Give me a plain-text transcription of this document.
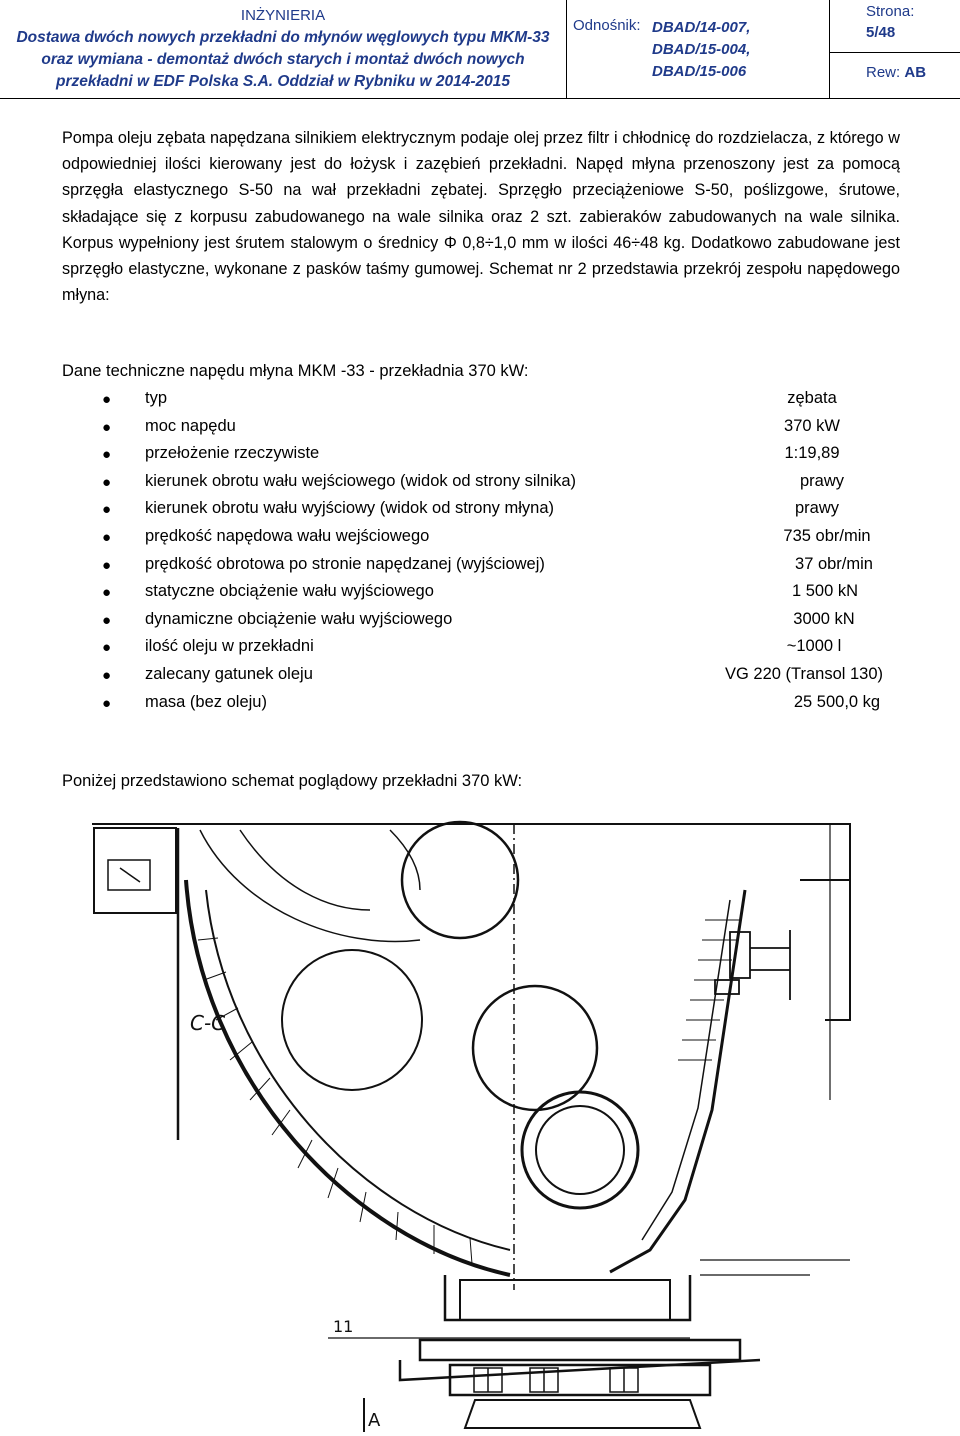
INŻYNIERIA
Dostawa dwóch nowych przekładni do młynów węglowych typu MKM-33
oraz wymiana - demontaż dwóch starych i montaż dwóch nowych
przekładni w EDF Polska S.A. Oddział w Rybniku w 2014-2015
Odnośnik: DBAD/14-007,
DBAD/15-004,
DBAD/15-006
Strona:
5/48
Rew: AB
Pompa oleju zębata napędzana silnikiem elektrycznym podaje olej przez filtr i chłodnicę do rozdzielacza, z którego w odpowiedniej ilości kierowany jest do łożysk i zazębień przekładni. Napęd młyna przenoszony jest za pomocą sprzęgła elastycznego S-50 na wał przekładni zębatej. Sprzęgło przeciążeniowe S-50, poślizgowe, śrutowe, składające się z korpusu zabudowanego na wale silnika oraz 2 szt. zabieraków zabudowanych na wale silnika. Korpus wypełniony jest śrutem stalowym o średnicy Φ 0,8÷1,0 mm w ilości 46÷48 kg. Dodatkowo zabudowane jest sprzęgło elastyczne, wykonane z pasków taśmy gumowej. Schemat nr 2 przedstawia przekrój zespołu napędowego młyna:
Dane techniczne napędu młyna MKM -33 - przekładnia 370 kW:
● typ	zębata
● moc napędu	370 kW
● przełożenie rzeczywiste	1:19,89
● kierunek obrotu wału wejściowego (widok od strony silnika)	prawy
● kierunek obrotu wału wyjściowy (widok od strony młyna)	prawy
● prędkość napędowa wału wejściowego	735 obr/min
● prędkość obrotowa po stronie napędzanej (wyjściowej)	37 obr/min
● statyczne obciążenie wału wyjściowego	1 500 kN
● dynamiczne obciążenie wału wyjściowego	3000 kN
● ilość oleju w przekładni	~1000 l
● zalecany gatunek oleju	VG 220 (Transol 130)
● masa (bez oleju)	25 500,0 kg
Poniżej przedstawiono schemat poglądowy przekładni 370 kW:
C-C
11
A
